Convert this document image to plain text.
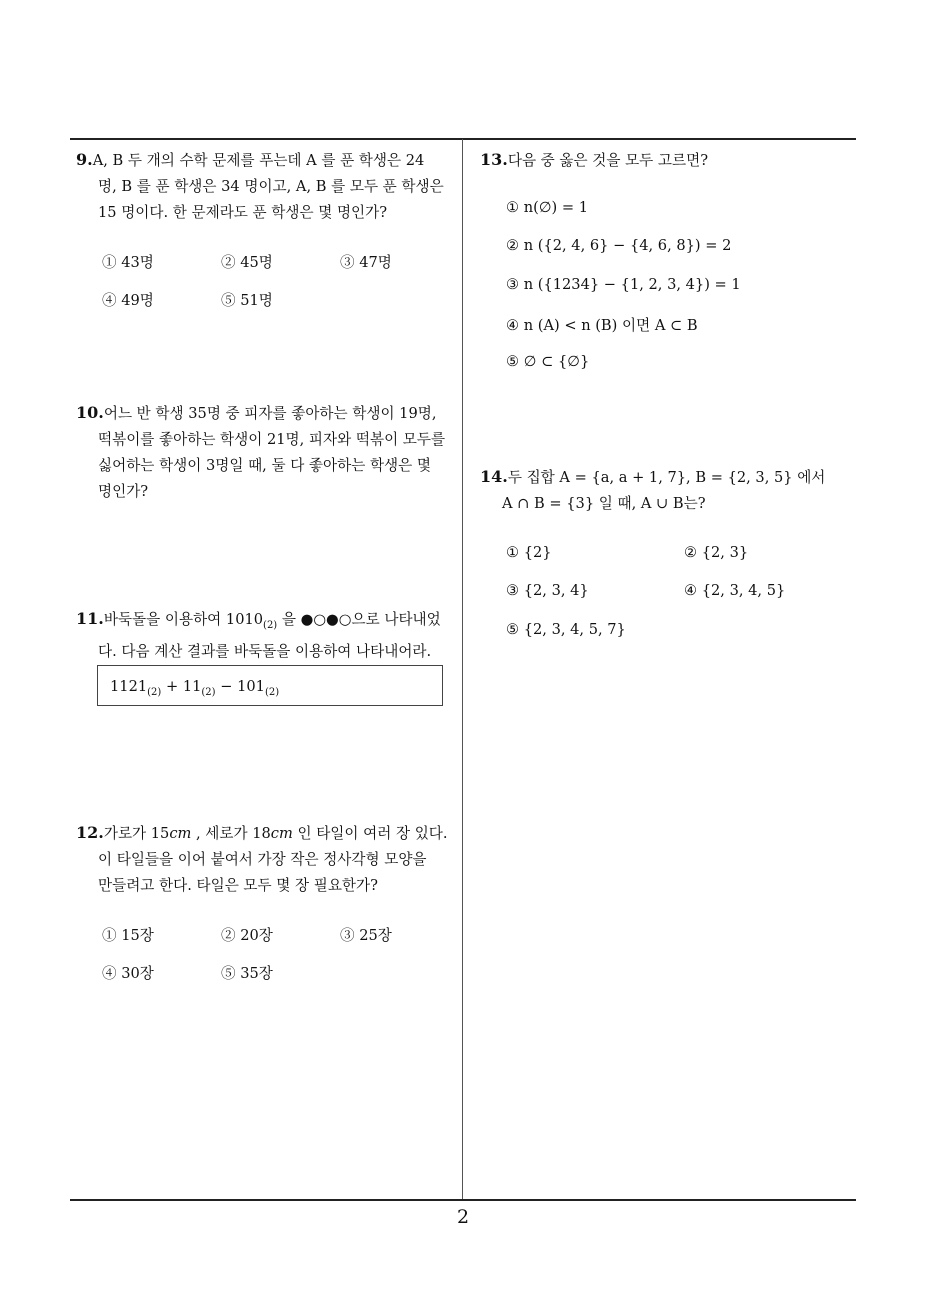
9. A, B 두 개의 수학 문제를 푸는데 A 를 푼 학생은 24
명, B 를 푼 학생은 34 명이고, A, B 를 모두 푼 학생은
15 명이다. 한 문제라도 푼 학생은 몇 명인가?
① 43명	② 45명	③ 47명
④ 49명	⑤ 51명
10. 어느 반 학생 35명 중 피자를 좋아하는 학생이 19명,
떡볶이를 좋아하는 학생이 21명, 피자와 떡볶이 모두를
싫어하는 학생이 3명일 때, 둘 다 좋아하는 학생은 몇
명인가?
11. 바둑돌을 이용하여 $1010_{(2)}$ 을 ●○●○으로 나타내었
다. 다음 계산 결과를 바둑돌을 이용하여 나타내어라.
$1121_{(2)} + 11_{(2)} - 101_{(2)}$
12. 가로가 15cm , 세로가 18cm 인 타일이 여러 장 있다.
이 타일들을 이어 붙여서 가장 작은 정사각형 모양을
만들려고 한다. 타일은 모두 몇 장 필요한가?
① 15장	② 20장	③ 25장
④ 30장	⑤ 35장
13. 다음 중 옳은 것을 모두 고르면?
① n(∅) = 1
② n ({2, 4, 6} − {4, 6, 8}) = 2
③ n ({1234} − {1, 2, 3, 4}) = 1
④ n (A) < n (B) 이면 A ⊂ B
⑤ ∅ ⊂ {∅}
14. 두 집합 A = {a, a + 1, 7}, B = {2, 3, 5} 에서
A ∩ B = {3} 일 때, A ∪ B는?
① {2}	② {2, 3}
③ {2, 3, 4}	④ {2, 3, 4, 5}
⑤ {2, 3, 4, 5, 7}
2
